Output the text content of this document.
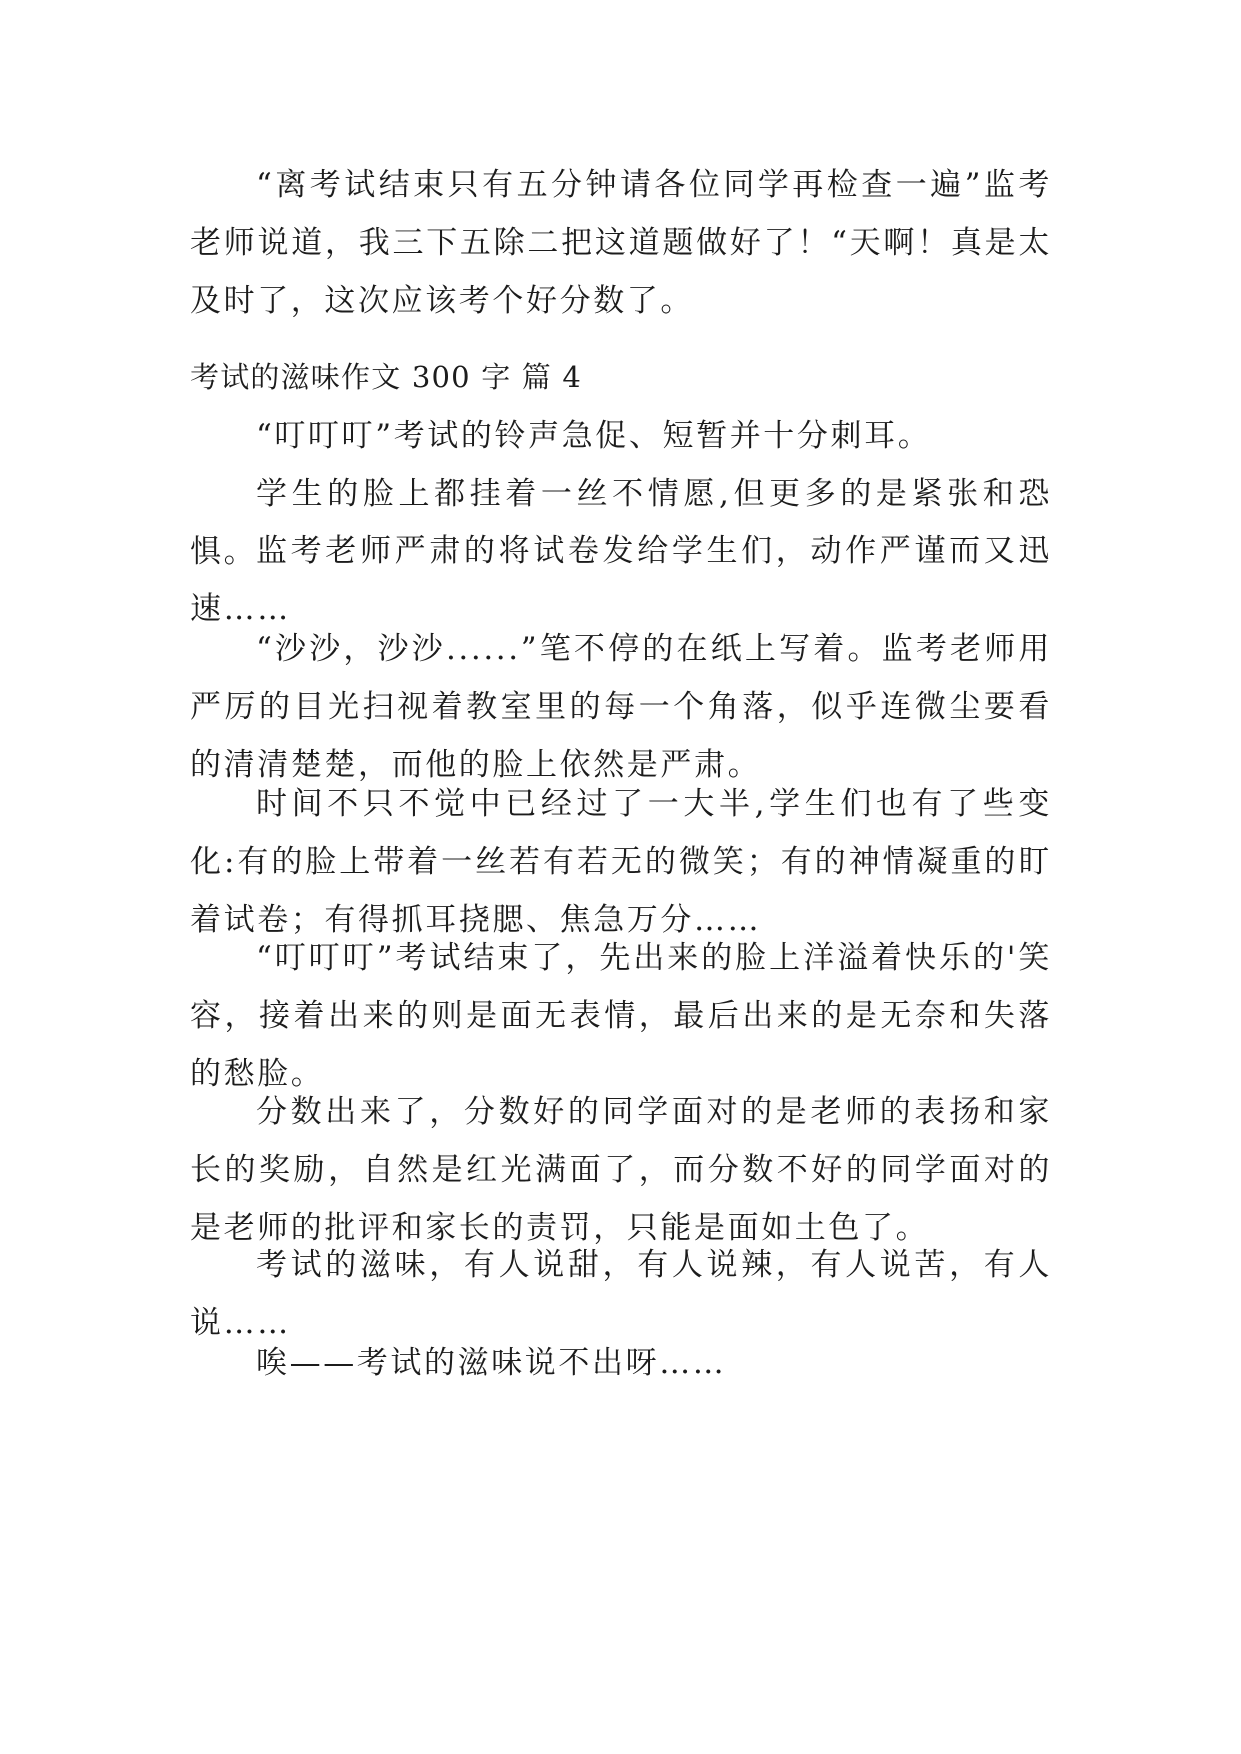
“离考试结束只有五分钟请各位同学再检查一遍”监考老师说道，我三下五除二把这道题做好了！“天啊！真是太及时了，这次应该考个好分数了。

考试的滋味作文 300 字 篇 4

“叮叮叮”考试的铃声急促、短暂并十分刺耳。

学生的脸上都挂着一丝不情愿,但更多的是紧张和恐惧。

监考老师严肃的将试卷发给学生们，动作严谨而又迅速……

“沙沙，沙沙......”笔不停的在纸上写着。监考老师用严厉的目光扫视着教室里的每一个角落，似乎连微尘要看的清清楚楚，而他的脸上依然是严肃。

时间不只不觉中已经过了一大半,学生们也有了些变化:有的脸上带着一丝若有若无的微笑；有的神情凝重的盯着试卷；有得抓耳挠腮、焦急万分……

“叮叮叮”考试结束了，先出来的脸上洋溢着快乐的'笑容，接着出来的则是面无表情，最后出来的是无奈和失落的愁脸。

分数出来了，分数好的同学面对的是老师的表扬和家长的奖励，自然是红光满面了，而分数不好的同学面对的是老师的批评和家长的责罚，只能是面如土色了。

考试的滋味，有人说甜，有人说辣，有人说苦，有人说……

唉——考试的滋味说不出呀……
